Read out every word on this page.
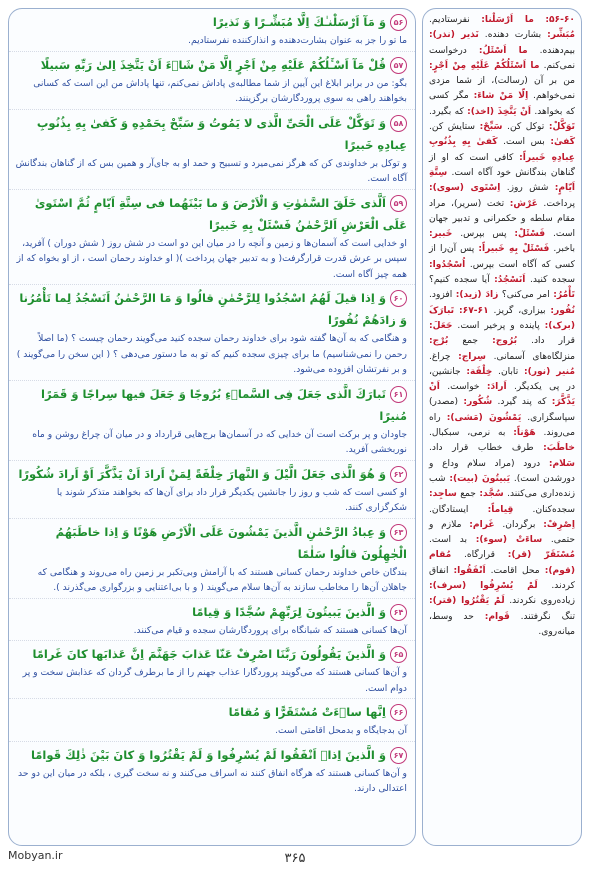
۵۶وَ مَآ اَرْسَلْنـٰكَ اِلَّا مُبَشِّـرًا وَ نَذيرًا
ما تو را جز به عنوان بشارت‌دهنده و انذارکننده نفرستادیم.
۵۷قُلْ مَآ اَسْـَٔلُكُمْ عَلَيْهِ مِنْ اَجْرٍ اِلَّا مَنْ شَاۤءَ اَنْ يَتَّخِذَ اِلىٰ رَبِّهِ سَبيلًا
بگو: من در برابر ابلاغ این آیین از شما مطالبه‌ی پاداش نمی‌کنم، تنها پاداش من این است که کسانی بخواهند راهی به سوی پروردگارشان برگزینند.
۵۸وَ تَوَكَّلْ عَلَى الْحَىِّ الَّذى لا يَمُوتُ وَ سَبِّحْ بِحَمْدِهِ وَ كَفىٰ بِهِ بِذُنُوبِ عِبادِهِ خَبيرًا
و توکل بر خداوندی کن که هرگز نمی‌میرد و تسبیح و حمد او به جای‌آر و همین بس که از گناهان بندگانش آگاه است.
۵۹اَلَّذى خَلَقَ السَّمٰوٰتِ وَ الْاَرْضَ وَ ما بَيْنَهُما فى سِتَّةِ اَيّامٍ ثُمَّ اسْتَوىٰ عَلَى الْعَرْشِ اَلرَّحْمٰنُ فَسْئَلْ بِهِ خَبيرًا
او خدایی است که آسمان‌ها و زمین و آنچه را در میان این دو است در شش روز ( شش دوران ) آفرید، سپس بر عرش قدرت قرارگرفت( و به تدبیر جهان پرداخت )( او خداوند رحمان است ، از او بخواه که از همه چیز آگاه است.
۶۰وَ اِذا قيلَ لَهُمُ اسْجُدُوا لِلرَّحْمٰنِ قالُوا وَ مَا الرَّحْمٰنُ اَنَسْجُدُ لِما تَأْمُرُنا وَ زادَهُمْ نُفُورًا
و هنگامی که به آن‌ها گفته شود برای خداوند رحمان سجده کنید می‌گویند رحمان چیست ؟ (ما اصلاً رحمن را نمی‌شناسیم) ما برای چیزی سجده کنیم که تو به ما دستور می‌دهی ؟ ( این سخن را می‌گویند ) و بر نفرتشان افزوده می‌شود.
۶۱تَبارَكَ الَّذى جَعَلَ فِى السَّماۤءِ بُرُوجًا وَ جَعَلَ فيها سِراجًا وَ قَمَرًا مُنيرًا
جاودان و پر برکت است آن خدایی که در آسمان‌ها برج‌هایی قرارداد و در میان آن چراغ روشن و ماه نوربخشی آفرید.
۶۲وَ هُوَ الَّذى جَعَلَ الَّيْلَ وَ النَّهارَ خِلْفَةً لِمَنْ اَرادَ اَنْ يَذَّكَّرَ اَوْ اَرادَ شُكُورًا
او کسی است که شب و روز را جانشین یکدیگر قرار داد برای آن‌ها که بخواهند متذکر شوند یا شکرگزاری کنند.
۶۳وَ عِبادُ الرَّحْمٰنِ الَّذينَ يَمْشُونَ عَلَى الْاَرْضِ هَوْنًا وَ اِذا خاطَبَهُمُ الْجٰهِلُونَ قالُوا سَلٰمًا
بندگان خاص خداوند رحمان کسانی هستند که با آرامش وبی‌تکبر بر زمین راه می‌روند و هنگامی که جاهلان آن‌ها را مخاطب سازند به آن‌ها سلام می‌گویند ( و با بی‌اعتنایی و بزرگواری می‌گذرند ).
۶۴وَ الَّذينَ يَبيتُونَ لِرَبِّهِمْ سُجَّدًا وَ قِيامًا
آن‌ها کسانی هستند که شبانگاه برای پروردگارشان سجده و قیام می‌کنند.
۶۵وَ الَّذينَ يَقُولُونَ رَبَّنَا اصْرِفْ عَنّا عَذابَ جَهَنَّمَ اِنَّ عَذابَها كانَ غَرامًا
و آن‌ها کسانی هستند که می‌گویند پروردگارا عذاب جهنم را از ما برطرف گردان که عذابش سخت و پر دوام است.
۶۶اِنَّها ساۤءَتْ مُسْتَقَرًّا وَ مُقامًا
آن بدجایگاه و بدمحل اقامتی است.
۶۷وَ الَّذينَ اِذاۤ اَنْفَقُوا لَمْ يُسْرِفُوا وَ لَمْ يَقْتُرُوا وَ كانَ بَيْنَ ذٰلِكَ قَوامًا
و آن‌ها کسانی هستند که هرگاه انفاق کنند نه اسراف می‌کنند و نه سخت گیری ، بلکه در میان این دو حد اعتدالی دارند.
۵۶-۶۰: ما اَرْسَلْنا: نفرستادیم. مُبَشِّر: بشارت دهنده. نَذیر (نذر): بیم‌دهنده. ما اَسْئَلُ: درخواست نمی‌کنم. ما اَسْئَلُکُمْ عَلَیْهِ مِنْ اَجْرٍ: من بر آن (رسالت)، از شما مزدی نمی‌خواهم. اِلّا مَنْ شاءَ: مگر کسی که بخواهد. اَنْ یَتَّخِذَ (اخذ): که بگیرد. تَوَکَّلْ: توکل کن. سَبِّحْ: ستایش کن. کَفیٰ: بس است. کَفیٰ بِهِ بِذُنُوبِ عِبادِهِ خَبیراً: کافی است که او از گناهان بندگانش خود آگاه است. سِتَّةِ اَیّامٍ: شش روز. اِسْتَوی (سوی): پرداخت. عَرْش: تخت (سریر)، مراد مقام سلطه و حکمرانی و تدبیر جهان است. فَسْئَلْ: پس بپرس. خَبیر: باخبر. فَسْئَلْ بِهِ خَبیراً: پس آن‌را از کسی که آگاه است بپرس. اُسْجُدُوا: سجده کنید. اَنَسْجُدُ: آیا سجده کنیم؟ تَأْمُرُ: امر می‌کنی؟ زادَ (زید): افزود. نُفُور: بیزاری، گریز. ۶۱-۶۷: تَبارَکَ (برک): پاینده و پرخیر است. جَعَلَ: قرار داد. بُرُوج: جمع بُرْج: منزلگاه‌های آسمانی. سِراج: چراغ. مُنیر (نور): تابان. خِلْفَة: جانشین، در پی یکدیگر. اَرادَ: خواست. اَنْ یَذَّکَّرَ: که پند گیرد. شُکُور: (مصدر) سپاسگزاری. یَمْشُونَ (مَشی): راه می‌روند. هَوْناً: به نرمی، سبکبال. خاطَبَ: طرف خطاب قرار داد. سَلام: درود (مراد سلام وداع و دورشدن است). یَبیتُونَ (بیت): شب زنده‌داری می‌کنند. سُجَّد: جمع ساجِد: سجده‌کنان. قِیاماً: ایستادگان. اِصْرِفْ: برگردان. غَرام: ملازم و حتمی. ساءَتْ (سوء): بد است. مُسْتَقَرّ (قر): قرارگاه. مُقام (قوم): محل اقامت. اَنْفَقُوا: انفاق کردند. لَمْ یُسْرِفُوا (سرف): زیاده‌روی نکردند. لَمْ یَقْتُرُوا (قتر): تنگ نگرفتند. قَوام: حد وسط، میانه‌روی.
Mobyan.ir	۳۶۵
